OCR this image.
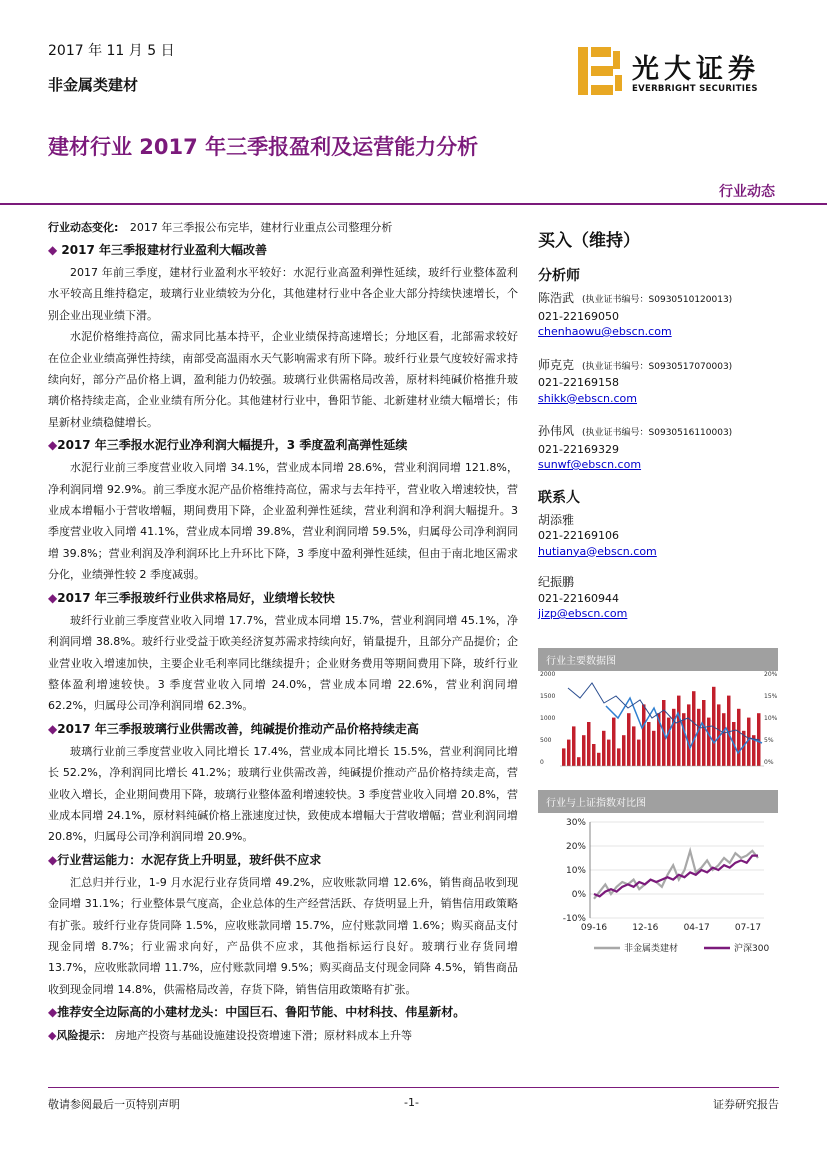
2017 年 11 月 5 日
非金属类建材	光大证券
EVERBRIGHT SECURITIES
建材行业 2017 年三季报盈利及运营能力分析
行业动态

行业动态变化: 2017 年三季报公布完毕，建材行业重点公司整理分析

◆ 2017 年三季报建材行业盈利大幅改善

2017 年前三季度，建材行业盈利水平较好：水泥行业高盈利弹性延续，玻纤行业整体盈利水平较高且维持稳定，玻璃行业业绩较为分化，其他建材行业中各企业大部分持续快速增长，个别企业出现业绩下滑。

水泥价格维持高位，需求同比基本持平，企业业绩保持高速增长；分地区看，北部需求较好在位企业业绩高弹性持续，南部受高温雨水天气影响需求有所下降。玻纤行业景气度较好需求持续向好，部分产品价格上调，盈利能力仍较强。玻璃行业供需格局改善，原材料纯碱价格推升玻璃价格持续走高，企业业绩有所分化。其他建材行业中，鲁阳节能、北新建材业绩大幅增长；伟星新材业绩稳健增长。

◆2017 年三季报水泥行业净利润大幅提升，3 季度盈利高弹性延续

水泥行业前三季度营业收入同增 34.1%，营业成本同增 28.6%，营业利润同增 121.8%，净利润同增 92.9%。前三季度水泥产品价格维持高位，需求与去年持平，营业收入增速较快，营业成本增幅小于营收增幅，期间费用下降，企业盈利弹性延续，营业利润和净利润大幅提升。3 季度营业收入同增 41.1%，营业成本同增 39.8%，营业利润同增 59.5%，归属母公司净利润同增 39.8%；营业利润及净利润环比上升环比下降，3 季度中盈利弹性延续，但由于南北地区需求分化，业绩弹性较 2 季度减弱。

◆2017 年三季报玻纤行业供求格局好，业绩增长较快

玻纤行业前三季度营业收入同增 17.7%，营业成本同增 15.7%，营业利润同增 45.1%，净利润同增 38.8%。玻纤行业受益于欧美经济复苏需求持续向好，销量提升，且部分产品提价；企业营业收入增速加快，主要企业毛利率同比继续提升；企业财务费用等期间费用下降，玻纤行业整体盈利增速较快。3 季度营业收入同增 24.0%，营业成本同增 22.6%，营业利润同增 62.2%，归属母公司净利润同增 62.3%。

◆2017 年三季报玻璃行业供需改善，纯碱提价推动产品价格持续走高

玻璃行业前三季度营业收入同比增长 17.4%，营业成本同比增长 15.5%，营业利润同比增长 52.2%，净利润同比增长 41.2%；玻璃行业供需改善，纯碱提价推动产品价格持续走高，营业收入增长，企业期间费用下降，玻璃行业整体盈利增速较快。3 季度营业收入同增 20.8%，营业成本同增 24.1%，原材料纯碱价格上涨速度过快，致使成本增幅大于营收增幅；营业利润同增 20.8%，归属母公司净利润同增 20.9%。

◆行业营运能力：水泥存货上升明显，玻纤供不应求

汇总归并行业，1-9 月水泥行业存货同增 49.2%，应收账款同增 12.6%，销售商品收到现金同增 31.1%；行业整体景气度高，企业总体的生产经营活跃、存货明显上升，销售信用政策略有扩张。玻纤行业存货同降 1.5%，应收账款同增 15.7%，应付账款同增 1.6%；购买商品支付现金同增 8.7%；行业需求向好，产品供不应求，其他指标运行良好。玻璃行业存货同增 13.7%，应收账款同增 11.7%，应付账款同增 9.5%；购买商品支付现金同降 4.5%，销售商品收到现金同增 14.8%，供需格局改善，存货下降，销售信用政策略有扩张。

◆推荐安全边际高的小建材龙头：中国巨石、鲁阳节能、中材科技、伟星新材。

◆风险提示： 房地产投资与基础设施建设投资增速下滑；原材料成本上升等

买入（维持）
分析师
陈浩武 (执业证书编号：S0930510120013)
021-22169050
chenhaowu@ebscn.com
师克克 (执业证书编号：S0930517070003)
021-22169158
shikk@ebscn.com
孙伟风 (执业证书编号：S0930516110003)
021-22169329
sunwf@ebscn.com
联系人
胡添雅
021-22169106
hutianya@ebscn.com
纪振鹏
021-22160944
jizp@ebscn.com
行业主要数据图
2000
1500
1000
500
0
20%
15%
10%
5%
0%
行业与上证指数对比图
30%
20%
10%
0%
-10%
09-16	12-16	04-17	07-17
非金属类建材	沪深300
敬请参阅最后一页特别声明	-1-	证券研究报告
